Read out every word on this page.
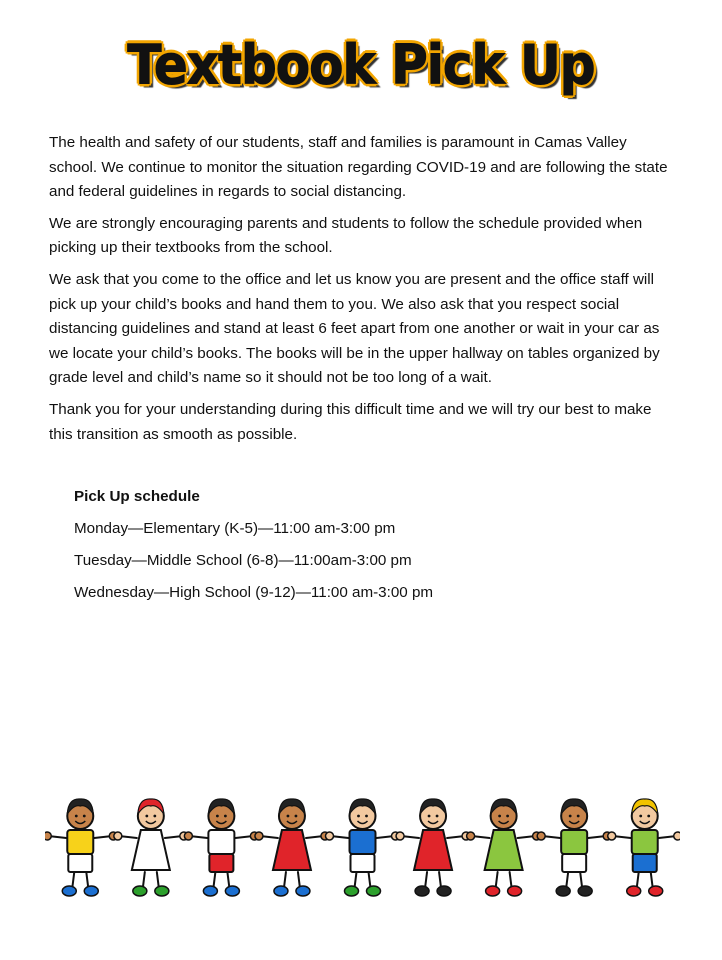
Textbook Pick Up

The health and safety of our students, staff and families is paramount in Camas Valley school. We continue to monitor the situation regarding COVID-19 and are following the state and federal guidelines in regards to social distancing.

We are strongly encouraging parents and students to follow the schedule provided when picking up their textbooks from the school.

We ask that you come to the office and let us know you are present and the office staff will pick up your child’s books and hand them to you. We also ask that you respect social distancing guidelines and stand at least 6 feet apart from one another or wait in your car as we locate your child’s books. The books will be in the upper hallway on tables organized by grade level and child’s name so it should not be too long of a wait.

Thank you for your understanding during this difficult time and we will try our best to make this transition as smooth as possible.

Pick Up schedule
Monday—Elementary (K-5)—11:00 am-3:00 pm
Tuesday—Middle School (6-8)—11:00am-3:00 pm
Wednesday—High School (9-12)—11:00 am-3:00 pm
